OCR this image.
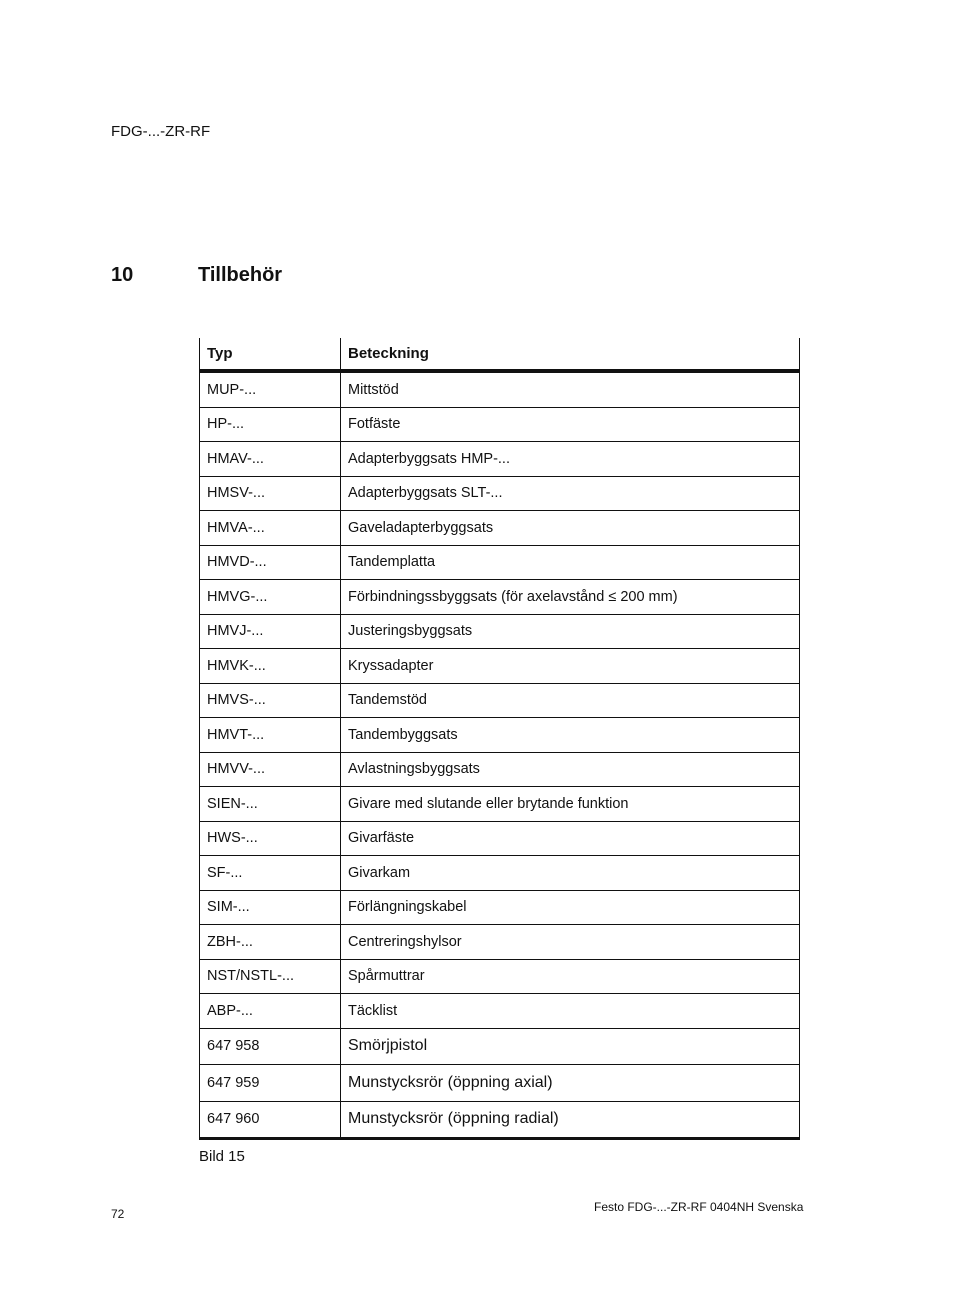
FDG-...-ZR-RF
10	Tillbehör
Typ	Beteckning
MUP-...	Mittstöd
HP-...	Fotfäste
HMAV-...	Adapterbyggsats HMP-...
HMSV-...	Adapterbyggsats SLT-...
HMVA-...	Gaveladapterbyggsats
HMVD-...	Tandemplatta
HMVG-...	Förbindningssbyggsats (för axelavstånd ≤ 200 mm)
HMVJ-...	Justeringsbyggsats
HMVK-...	Kryssadapter
HMVS-...	Tandemstöd
HMVT-...	Tandembyggsats
HMVV-...	Avlastningsbyggsats
SIEN-...	Givare med slutande eller brytande funktion
HWS-...	Givarfäste
SF-...	Givarkam
SIM-...	Förlängningskabel
ZBH-...	Centreringshylsor
NST/NSTL-...	Spårmuttrar
ABP-...	Täcklist
647 958	Smörjpistol
647 959	Munstycksrör (öppning axial)
647 960	Munstycksrör (öppning radial)
Bild 15
72	Festo FDG-...-ZR-RF 0404NH Svenska
